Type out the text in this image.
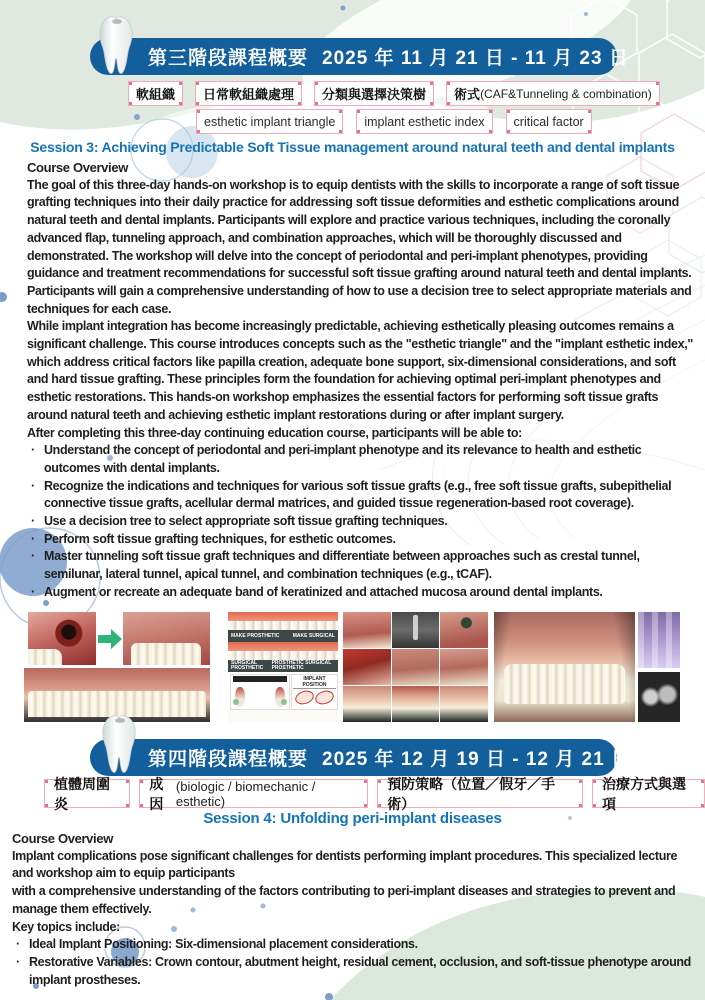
第三階段課程概要 2025 年 11 月 21 日 - 11 月 23 日
軟組織 日常軟組織處理 分類與選擇決策樹 術式 (CAF&Tunneling & combination)
esthetic implant triangle implant esthetic index critical factor
Session 3: Achieving Predictable Soft Tissue management around natural teeth and dental implants

Course Overview

The goal of this three-day hands-on workshop is to equip dentists with the skills to incorporate a range of soft tissue grafting techniques into their daily practice for addressing soft tissue deformities and esthetic complications around natural teeth and dental implants. Participants will explore and practice various techniques, including the coronally advanced flap, tunneling approach, and combination approaches, which will be thoroughly discussed and demonstrated. The workshop will delve into the concept of periodontal and peri-implant phenotypes, providing guidance and treatment recommendations for successful soft tissue grafting around natural teeth and dental implants. Participants will gain a comprehensive understanding of how to use a decision tree to select appropriate materials and techniques for each case.

While implant integration has become increasingly predictable, achieving esthetically pleasing outcomes remains a significant challenge. This course introduces concepts such as the "esthetic triangle" and the "implant esthetic index," which address critical factors like papilla creation, adequate bone support, six-dimensional considerations, and soft and hard tissue grafting. These principles form the foundation for achieving optimal peri-implant phenotypes and esthetic restorations. This hands-on workshop emphasizes the essential factors for performing soft tissue grafts around natural teeth and achieving esthetic implant restorations during or after implant surgery.

After completing this three-day continuing education course, participants will be able to:

· Understand the concept of periodontal and peri-implant phenotype and its relevance to health and esthetic outcomes with dental implants.
· Recognize the indications and techniques for various soft tissue grafts (e.g., free soft tissue grafts, subepithelial connective tissue grafts, acellular dermal matrices, and guided tissue regeneration-based root coverage).
· Use a decision tree to select appropriate soft tissue grafting techniques.
· Perform soft tissue grafting techniques, for esthetic outcomes.
· Master tunneling soft tissue graft techniques and differentiate between approaches such as crestal tunnel, semilunar, lateral tunnel, apical tunnel, and combination techniques (e.g., tCAF).
· Augment or recreate an adequate band of keratinized and attached mucosa around dental implants.
MAKE PROSTHETIC	MAKE SURGICAL
SURGICAL PROSTHETIC
PROSTHETIC SURGICAL PROSTHETIC
IMPLANT POSITION
第四階段課程概要 2025 年 12 月 19 日 - 12 月 21 日
植體周圍炎
成因
(biologic / biomechanic / esthetic)
預防策略（位置／假牙／手術）
治療方式與選項
Session 4: Unfolding peri-implant diseases

Course Overview

Implant complications pose significant challenges for dentists performing implant procedures. This specialized lecture and workshop aim to equip participants

with a comprehensive understanding of the factors contributing to peri-implant diseases and strategies to prevent and manage them effectively.

Key topics include:

· Ideal Implant Positioning: Six-dimensional placement considerations.
· Restorative Variables: Crown contour, abutment height, residual cement, occlusion, and soft-tissue phenotype around implant prostheses.
